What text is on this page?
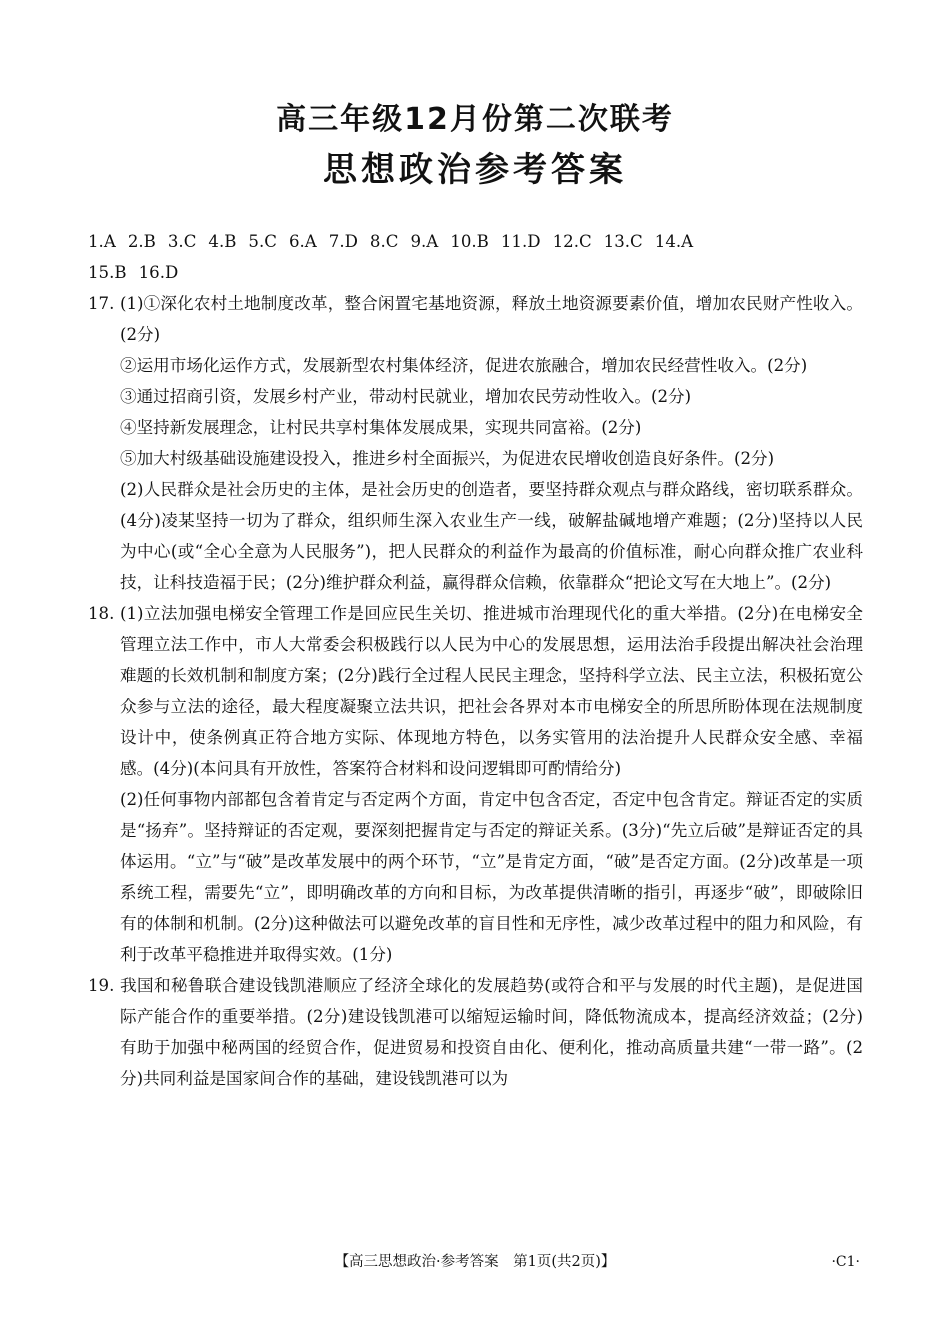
高三年级12月份第二次联考
思想政治参考答案
1.A 2.B 3.C 4.B 5.C 6.A 7.D 8.C 9.A 10.B 11.D 12.C 13.C 14.A
15.B 16.D
17. (1)①深化农村土地制度改革，整合闲置宅基地资源，释放土地资源要素价值，增加农民财产性收入。(2分)
②运用市场化运作方式，发展新型农村集体经济，促进农旅融合，增加农民经营性收入。(2分)
③通过招商引资，发展乡村产业，带动村民就业，增加农民劳动性收入。(2分)
④坚持新发展理念，让村民共享村集体发展成果，实现共同富裕。(2分)
⑤加大村级基础设施建设投入，推进乡村全面振兴，为促进农民增收创造良好条件。(2分)
(2)人民群众是社会历史的主体，是社会历史的创造者，要坚持群众观点与群众路线，密切联系群众。(4分)凌某坚持一切为了群众，组织师生深入农业生产一线，破解盐碱地增产难题；(2分)坚持以人民为中心(或“全心全意为人民服务”)，把人民群众的利益作为最高的价值标准，耐心向群众推广农业科技，让科技造福于民；(2分)维护群众利益，赢得群众信赖，依靠群众“把论文写在大地上”。(2分)
18. (1)立法加强电梯安全管理工作是回应民生关切、推进城市治理现代化的重大举措。(2分)在电梯安全管理立法工作中，市人大常委会积极践行以人民为中心的发展思想，运用法治手段提出解决社会治理难题的长效机制和制度方案；(2分)践行全过程人民民主理念，坚持科学立法、民主立法，积极拓宽公众参与立法的途径，最大程度凝聚立法共识，把社会各界对本市电梯安全的所思所盼体现在法规制度设计中，使条例真正符合地方实际、体现地方特色，以务实管用的法治提升人民群众安全感、幸福感。(4分)(本问具有开放性，答案符合材料和设问逻辑即可酌情给分)
(2)任何事物内部都包含着肯定与否定两个方面，肯定中包含否定，否定中包含肯定。辩证否定的实质是“扬弃”。坚持辩证的否定观，要深刻把握肯定与否定的辩证关系。(3分)“先立后破”是辩证否定的具体运用。“立”与“破”是改革发展中的两个环节，“立”是肯定方面，“破”是否定方面。(2分)改革是一项系统工程，需要先“立”，即明确改革的方向和目标，为改革提供清晰的指引，再逐步“破”，即破除旧有的体制和机制。(2分)这种做法可以避免改革的盲目性和无序性，减少改革过程中的阻力和风险，有利于改革平稳推进并取得实效。(1分)
19. 我国和秘鲁联合建设钱凯港顺应了经济全球化的发展趋势(或符合和平与发展的时代主题)，是促进国际产能合作的重要举措。(2分)建设钱凯港可以缩短运输时间，降低物流成本，提高经济效益；(2分)有助于加强中秘两国的经贸合作，促进贸易和投资自由化、便利化，推动高质量共建“一带一路”。(2分)共同利益是国家间合作的基础，建设钱凯港可以为
【高三思想政治·参考答案　第1页(共2页)】	·C1·
